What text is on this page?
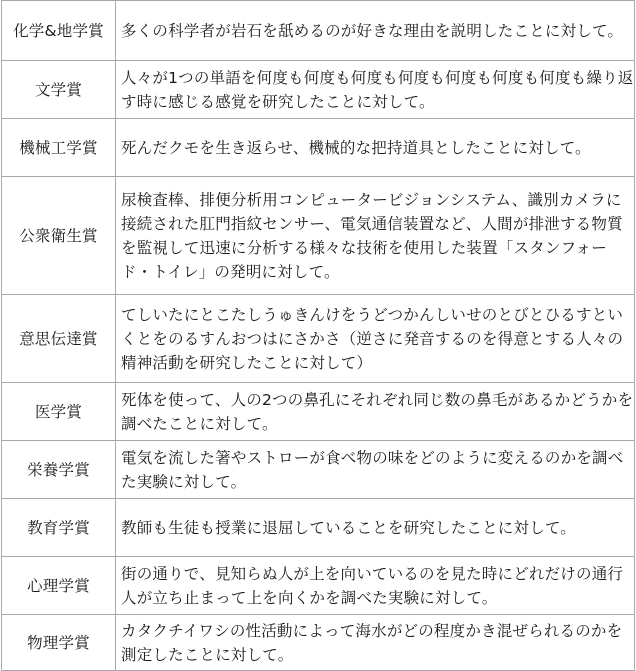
化学&地学賞	多くの科学者が岩石を舐めるのが好きな理由を説明したことに対して。
文学賞	人々が1つの単語を何度も何度も何度も何度も何度も何度も何度も繰り返す時に感じる感覚を研究したことに対して。
機械工学賞	死んだクモを生き返らせ、機械的な把持道具としたことに対して。
公衆衛生賞	尿検査棒、排便分析用コンピュータービジョンシステム、識別カメラに接続された肛門指紋センサー、電気通信装置など、人間が排泄する物質を監視して迅速に分析する様々な技術を使用した装置「スタンフォード・トイレ」の発明に対して。
意思伝達賞	てしいたにとこたしうゅきんけをうどつかんしいせのとびとひるすといくとをのるすんおつはにさかさ（逆さに発音するのを得意とする人々の精神活動を研究したことに対して）
医学賞	死体を使って、人の2つの鼻孔にそれぞれ同じ数の鼻毛があるかどうかを調べたことに対して。
栄養学賞	電気を流した箸やストローが食べ物の味をどのように変えるのかを調べた実験に対して。
教育学賞	教師も生徒も授業に退屈していることを研究したことに対して。
心理学賞	街の通りで、見知らぬ人が上を向いているのを見た時にどれだけの通行人が立ち止まって上を向くかを調べた実験に対して。
物理学賞	カタクチイワシの性活動によって海水がどの程度かき混ぜられるのかを測定したことに対して。
